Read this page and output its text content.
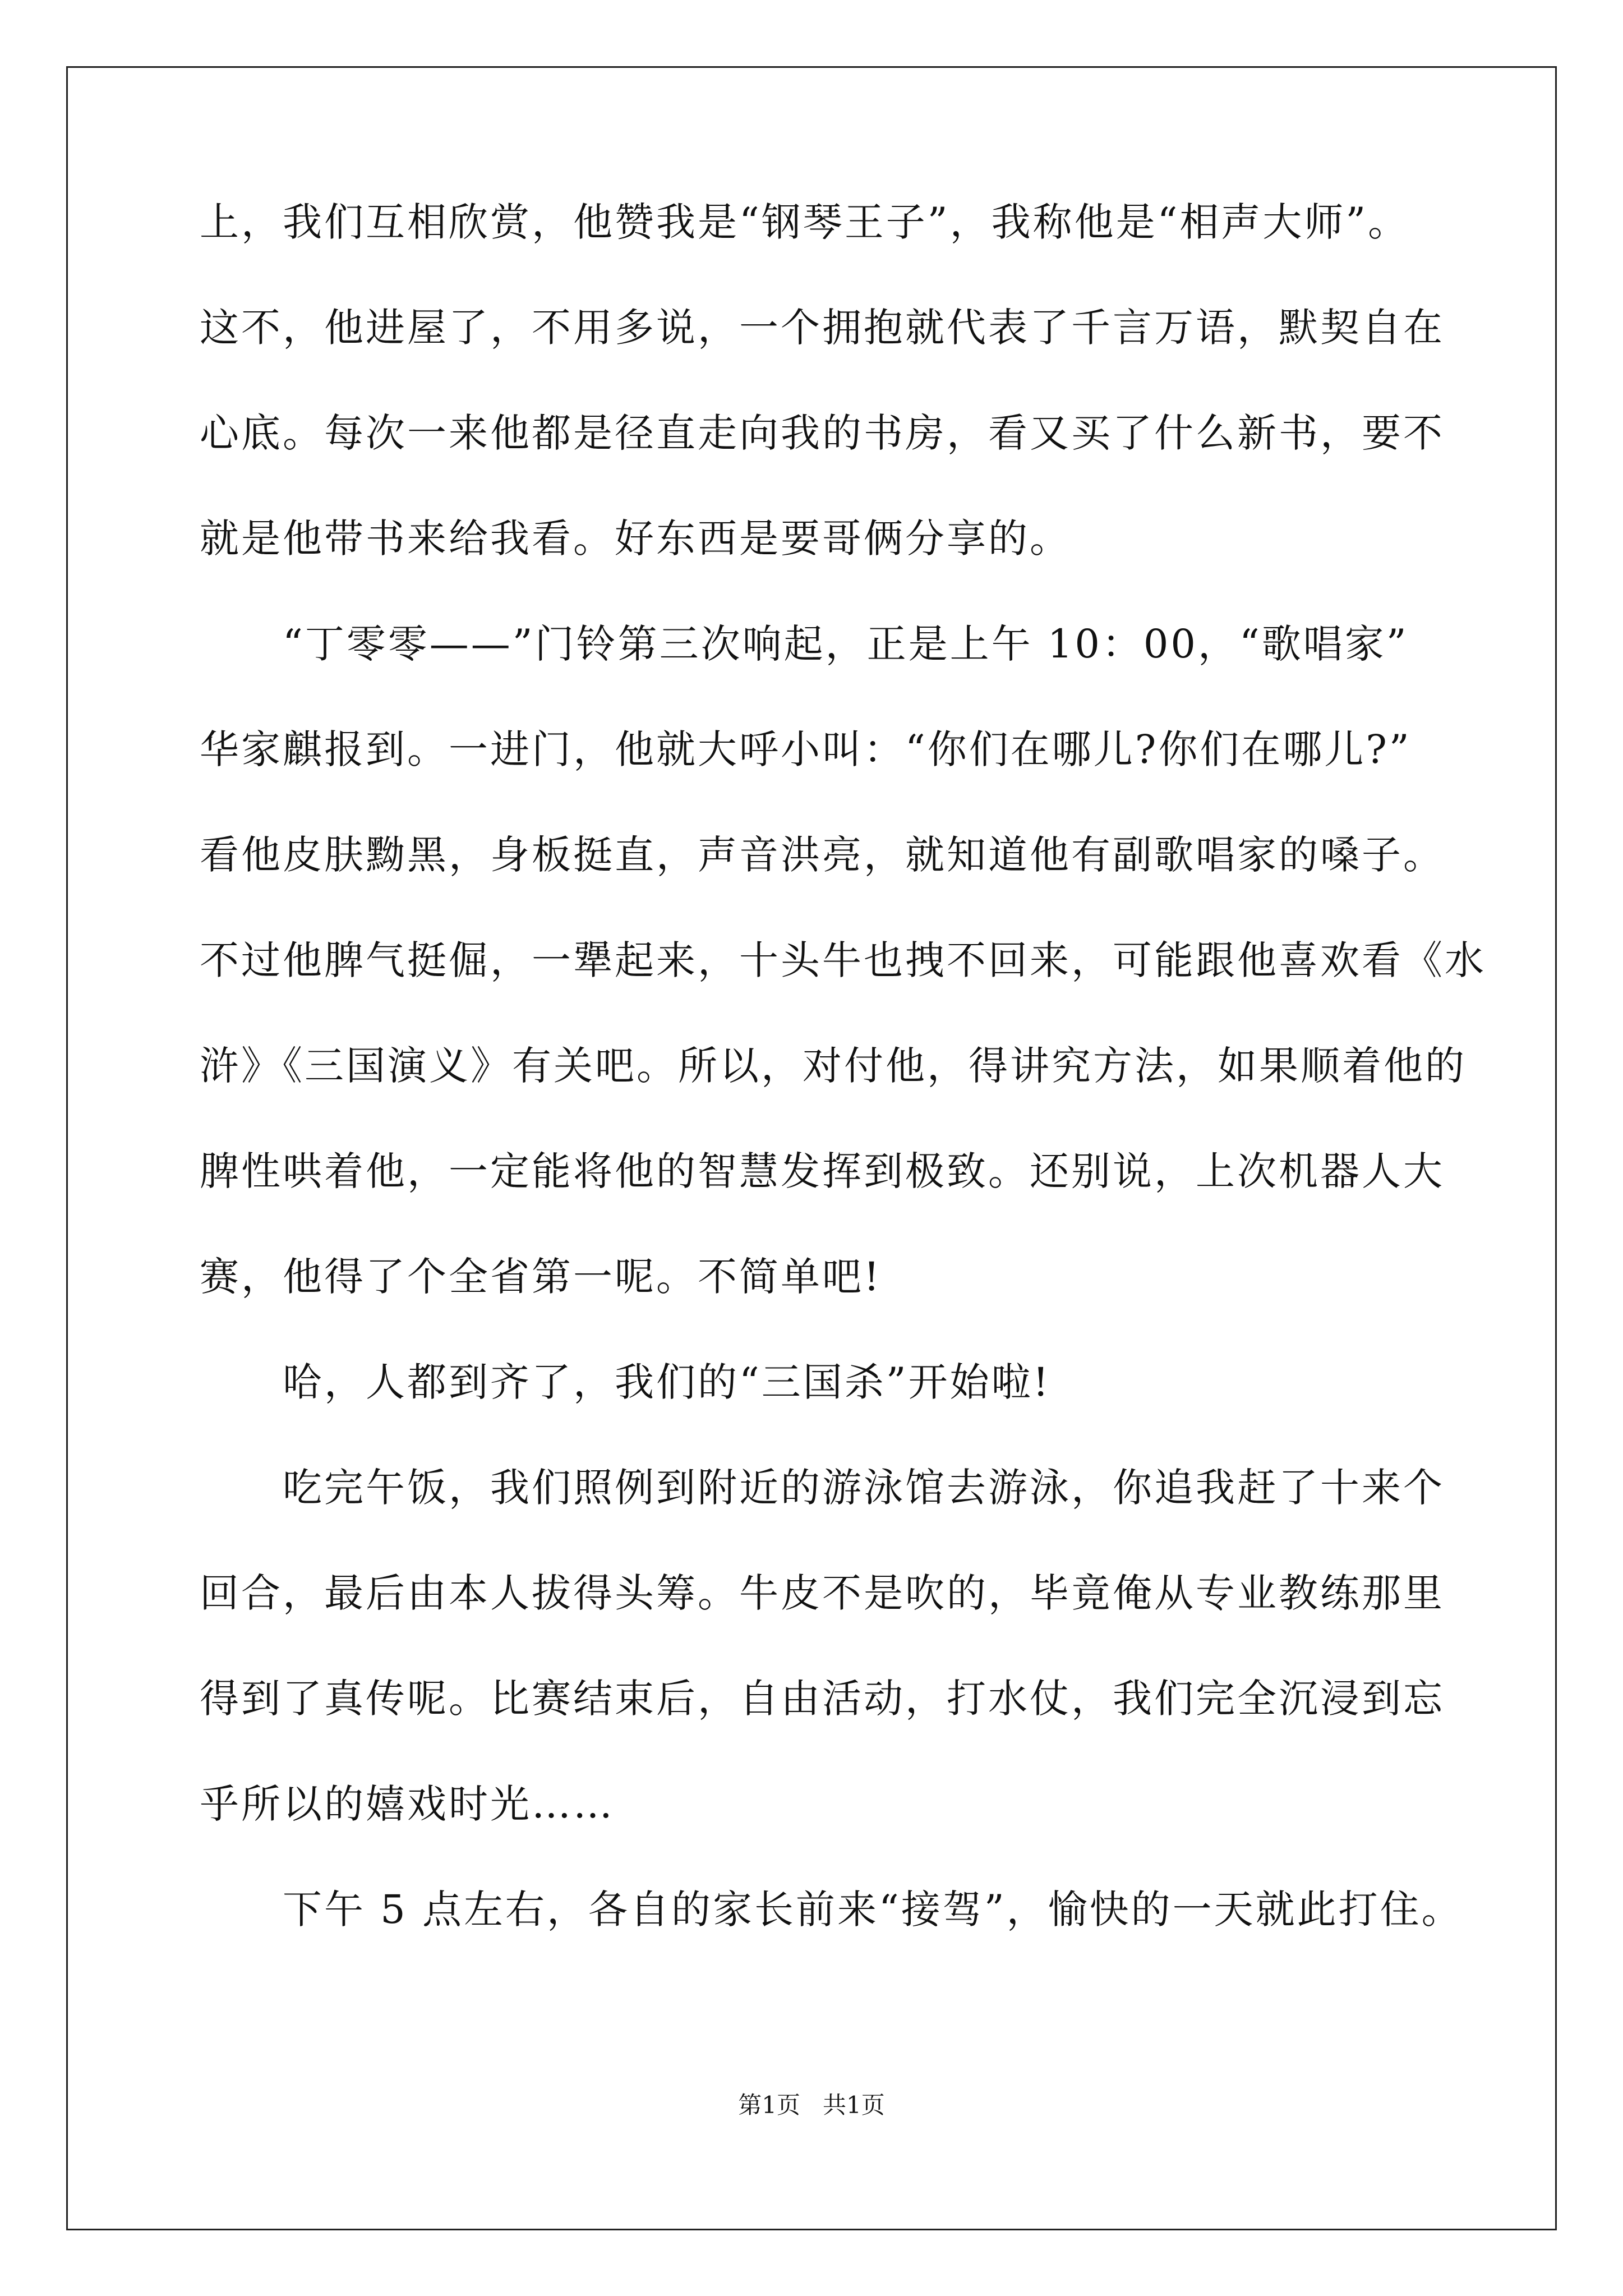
上，我们互相欣赏，他赞我是“钢琴王子”，我称他是“相声大师”。
这不，他进屋了，不用多说，一个拥抱就代表了千言万语，默契自在
心底。每次一来他都是径直走向我的书房，看又买了什么新书，要不
就是他带书来给我看。好东西是要哥俩分享的。
“丁零零——”门铃第三次响起，正是上午 10：00，“歌唱家”
华家麒报到。一进门，他就大呼小叫：“你们在哪儿?你们在哪儿?”
看他皮肤黝黑，身板挺直，声音洪亮，就知道他有副歌唱家的嗓子。
不过他脾气挺倔，一犟起来，十头牛也拽不回来，可能跟他喜欢看《水
浒》《三国演义》有关吧。所以，对付他，得讲究方法，如果顺着他的
脾性哄着他，一定能将他的智慧发挥到极致。还别说，上次机器人大
赛，他得了个全省第一呢。不简单吧!
哈，人都到齐了，我们的“三国杀”开始啦!
吃完午饭，我们照例到附近的游泳馆去游泳，你追我赶了十来个
回合，最后由本人拔得头筹。牛皮不是吹的，毕竟俺从专业教练那里
得到了真传呢。比赛结束后，自由活动，打水仗，我们完全沉浸到忘
乎所以的嬉戏时光……
下午 5 点左右，各自的家长前来“接驾”，愉快的一天就此打住。
第1页 共1页
